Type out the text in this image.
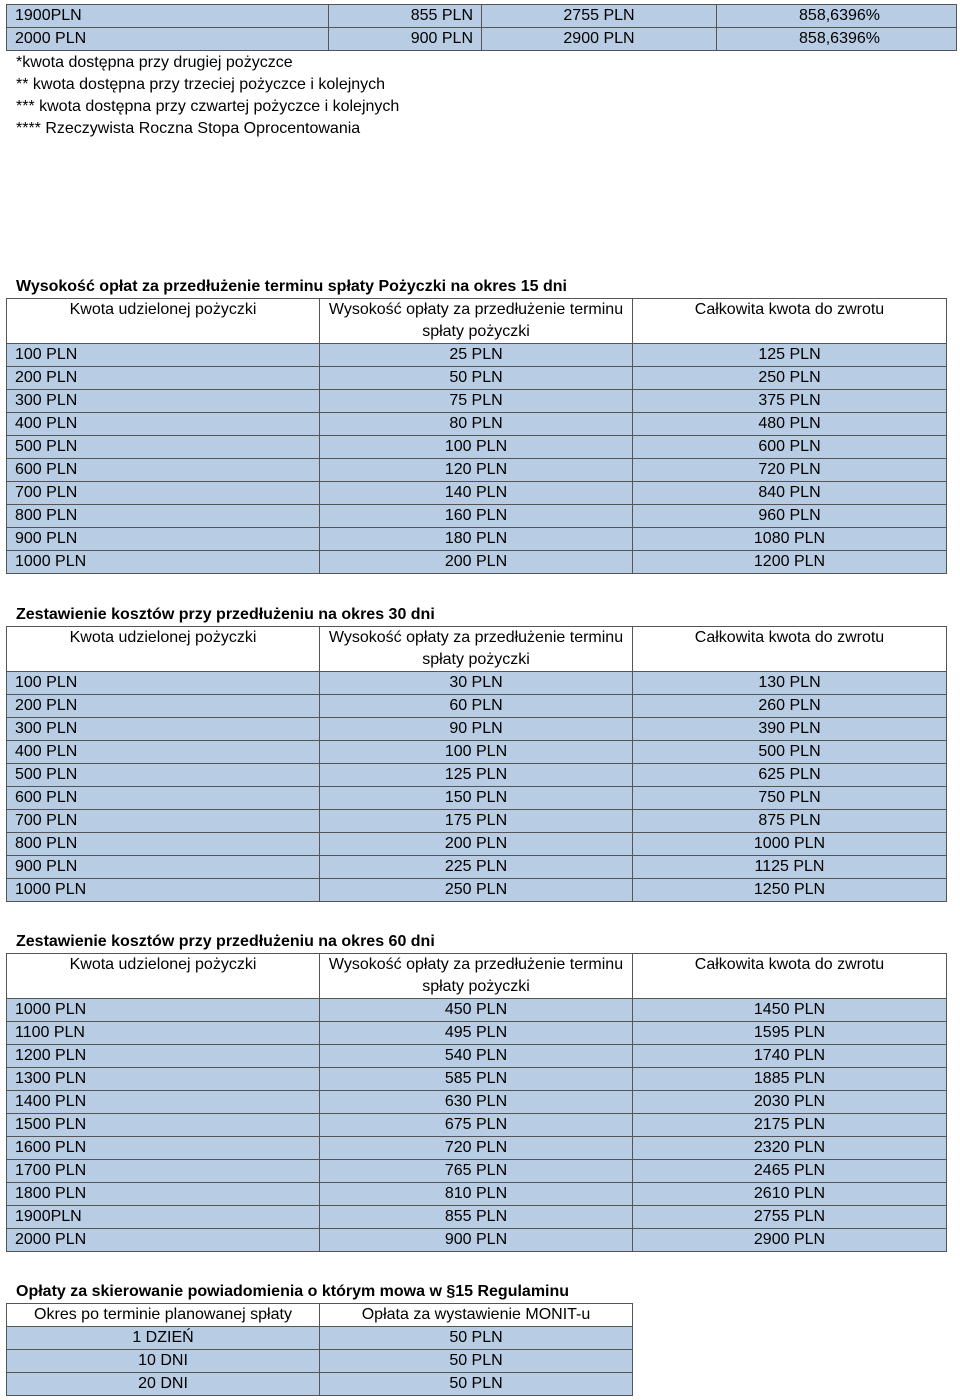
1900PLN	855 PLN	2755 PLN	858,6396%
2000 PLN	900 PLN	2900 PLN	858,6396%
*kwota dostępna przy drugiej pożyczce
** kwota dostępna przy trzeciej pożyczce i kolejnych
*** kwota dostępna przy czwartej pożyczce i kolejnych
**** Rzeczywista Roczna Stopa Oprocentowania
Wysokość opłat za przedłużenie terminu spłaty Pożyczki na okres 15 dni
Kwota udzielonej pożyczki	Wysokość opłaty za przedłużenie terminu spłaty pożyczki	Całkowita kwota do zwrotu
100 PLN	25 PLN	125 PLN
200 PLN	50 PLN	250 PLN
300 PLN	75 PLN	375 PLN
400 PLN	80 PLN	480 PLN
500 PLN	100 PLN	600 PLN
600 PLN	120 PLN	720 PLN
700 PLN	140 PLN	840 PLN
800 PLN	160 PLN	960 PLN
900 PLN	180 PLN	1080 PLN
1000 PLN	200 PLN	1200 PLN
Zestawienie kosztów przy przedłużeniu na okres 30 dni
Kwota udzielonej pożyczki	Wysokość opłaty za przedłużenie terminu spłaty pożyczki	Całkowita kwota do zwrotu
100 PLN	30 PLN	130 PLN
200 PLN	60 PLN	260 PLN
300 PLN	90 PLN	390 PLN
400 PLN	100 PLN	500 PLN
500 PLN	125 PLN	625 PLN
600 PLN	150 PLN	750 PLN
700 PLN	175 PLN	875 PLN
800 PLN	200 PLN	1000 PLN
900 PLN	225 PLN	1125 PLN
1000 PLN	250 PLN	1250 PLN
Zestawienie kosztów przy przedłużeniu na okres 60 dni
Kwota udzielonej pożyczki	Wysokość opłaty za przedłużenie terminu spłaty pożyczki	Całkowita kwota do zwrotu
1000 PLN	450 PLN	1450 PLN
1100 PLN	495 PLN	1595 PLN
1200 PLN	540 PLN	1740 PLN
1300 PLN	585 PLN	1885 PLN
1400 PLN	630 PLN	2030 PLN
1500 PLN	675 PLN	2175 PLN
1600 PLN	720 PLN	2320 PLN
1700 PLN	765 PLN	2465 PLN
1800 PLN	810 PLN	2610 PLN
1900PLN	855 PLN	2755 PLN
2000 PLN	900 PLN	2900 PLN
Opłaty za skierowanie powiadomienia o którym mowa w §15 Regulaminu
Okres po terminie planowanej spłaty	Opłata za wystawienie MONIT-u
1 DZIEŃ	50 PLN
10 DNI	50 PLN
20 DNI	50 PLN
